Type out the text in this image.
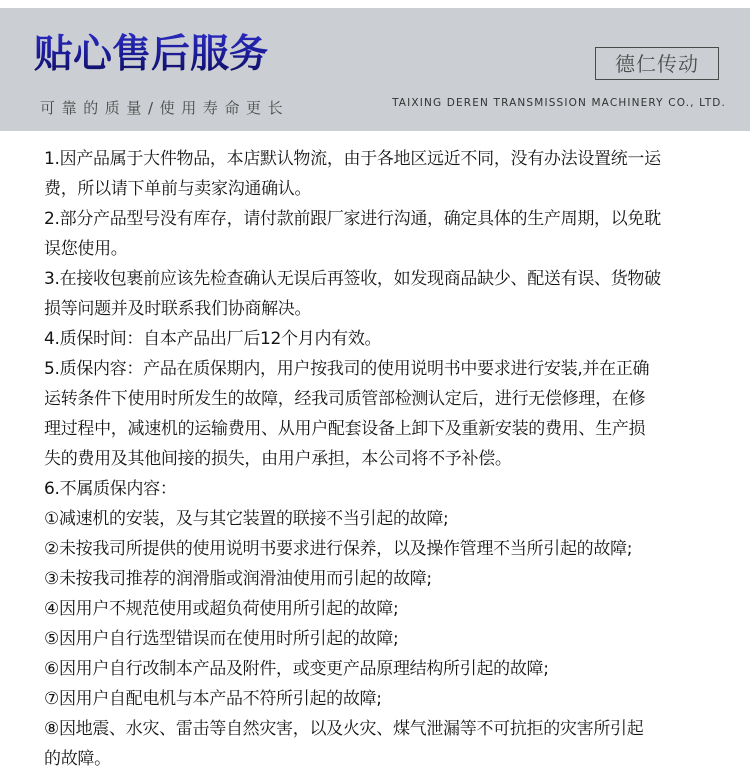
贴心售后服务
可靠的质量/使用寿命更长
德仁传动
TAIXING DEREN TRANSMISSION MACHINERY CO., LTD.
1.因产品属于大件物品，本店默认物流，由于各地区远近不同，没有办法设置统一运
费，所以请下单前与卖家沟通确认。
2.部分产品型号没有库存，请付款前跟厂家进行沟通，确定具体的生产周期，以免耽
误您使用。
3.在接收包裹前应该先检查确认无误后再签收，如发现商品缺少、配送有误、货物破
损等问题并及时联系我们协商解决。
4.质保时间：自本产品出厂后12个月内有效。
5.质保内容：产品在质保期内，用户按我司的使用说明书中要求进行安装,并在正确
运转条件下使用时所发生的故障，经我司质管部检测认定后，进行无偿修理，在修
理过程中，减速机的运输费用、从用户配套设备上卸下及重新安装的费用、生产损
失的费用及其他间接的损失，由用户承担，本公司将不予补偿。
6.不属质保内容：
①减速机的安装，及与其它装置的联接不当引起的故障;
②未按我司所提供的使用说明书要求进行保养，以及操作管理不当所引起的故障;
③未按我司推荐的润滑脂或润滑油使用而引起的故障;
④因用户不规范使用或超负荷使用所引起的故障;
⑤因用户自行选型错误而在使用时所引起的故障;
⑥因用户自行改制本产品及附件，或变更产品原理结构所引起的故障;
⑦因用户自配电机与本产品不符所引起的故障;
⑧因地震、水灾、雷击等自然灾害，以及火灾、煤气泄漏等不可抗拒的灾害所引起
的故障。
